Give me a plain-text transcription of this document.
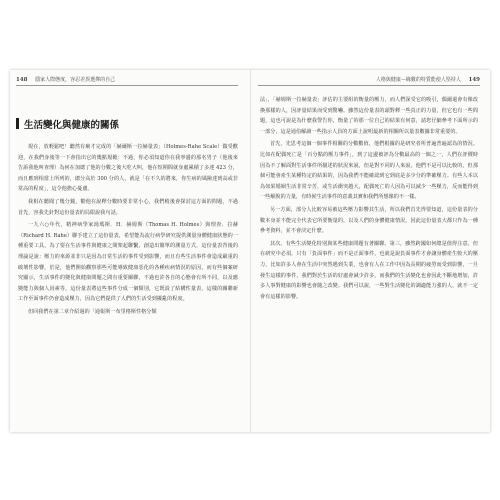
148 隱家人際態度，容忍差異選擇的自己
生活變化與健康的關係

現在，放輕鬆吧！聽然有廟才完成的「赫爾斯一拉赫量表」（Holmes-Rahe Scale）做受歡迎，在我們身後等一下會指出它的幾點規範：不過，你必須知道你在我寧邊的那名男子（他後來告訴我他叫查理）為何在加總了他的分數之後大吃大叫，他在短期間就身處累積了多達 423 分，而且應到相當上所列的，總分高於 300 分的人，就是「在不久的將來，你生病的風險達到高或非常高的程度」，這令他擔心憂慮。

我相在聽聞了幾分鐘，勸他在說釋分數時要非常小心，我們稍後會探討這方面的問題，不過首先，容我先針對這份量表的局限說我句話。

一九六○年代，精神病學家湯瑪斯．H．赫姆斯（Thomas H. Holmes）與理查．拉赫（Richard H. Rahe）聯手建立了這份量表，希望能為流行病學研究提供測量身體健康狀態的一種重要工具，為了要在生活事件與健康之間架起聯繫，創造出簡單的測量方式，這份量表背後的理論是說：壓力的來源並非只是因為日常生活的事件受到影響，而且有些生活事件會造成嚴重的破壞性影響。於是，他們開始觀察那些可能導致健康惡化的各種疾病情況的原因，而有些個案研究顯示，生活事件的變化與健康問題之間有重要關聯，不過也許各自的心態會有所不同，以及應變能力與個人因素等，這份量表將這些事件分成一個類別，它既設了結構性量表，這樣的關聯新工作至面事件仍會造成壓力，因為它們提供了人們的生活受到擾亂的程度。

但回我們在第二章介紹過的「通報斯一布里格斯性格分類

人格與健康—緣數的特質能使人堅持人 149

法」，「赫姆斯一拉赫量表」評估的主要組的衡量的壓力，而人們深受它的吸引，偶爾還會有像改換那樣的人，因評量結果而受到驚嚇。雖然這份量表的頭對釋一些真正的力量，但它也有一些問題，這也可說是為什麼我警告你，衡量了的那一位自己的結果有何意，請您仔細參考下面所示的一部分，這是通俗解讀一些指示人員的方面上說明最新的相關所以量表數據非常重要的。

首先，先思考這個一個事件相關的分數數值，他們根據的是研究者所普遍普遍認為的情況。比如在配偶死亡是「百分點的壓力事件」，到了這邊被評為分數最高的一個之一，人們在評價時因為不了解面對生活事件所描述的狀況來說，但是對不同的人來說，他們不是可以比較的，但那個可能會產生某種特定的結果的，因為我們不能確認到它到底是多少分的準確壓力。有些人本以為如果婚姻生活非常辛苦，或生活衝突越大，配偶死亡的人因為可以減少一些壓力，反而能得到一些解脫的力量，有時候生活事件的意義其實和我們所想像的不一樣。

另一方面，部分人比較容易被這些壓力影響其生活，所以我們首先得要知道，這份量表的分數本身並不能完全代表它所要衡量的，以及人們的身體健康情況。因此這份量表大都只作為一種參考資料，並不會決定什麼。

其次，有些生活變化特別與某些健康問題有著關聯。第三，雖然跨國如何總是值得注意，但在研究中必須，只有「負面事件」而不是正面事件，也就是說負面事件才會讓身體產生較大的壓力，比如許多人會在生活中突然遇到失業，也會有人在工作中因為長期的疲勞而受到影響，一旦發生這樣的事件，我們對於生活的好處會減少許多，而我們的生活變化也會因此不斷地增加，許多人事對健康的影響也會隨之改變。我們可以說，一些對生活變化的調適能力強的人，就不一定會有這樣的影響。
